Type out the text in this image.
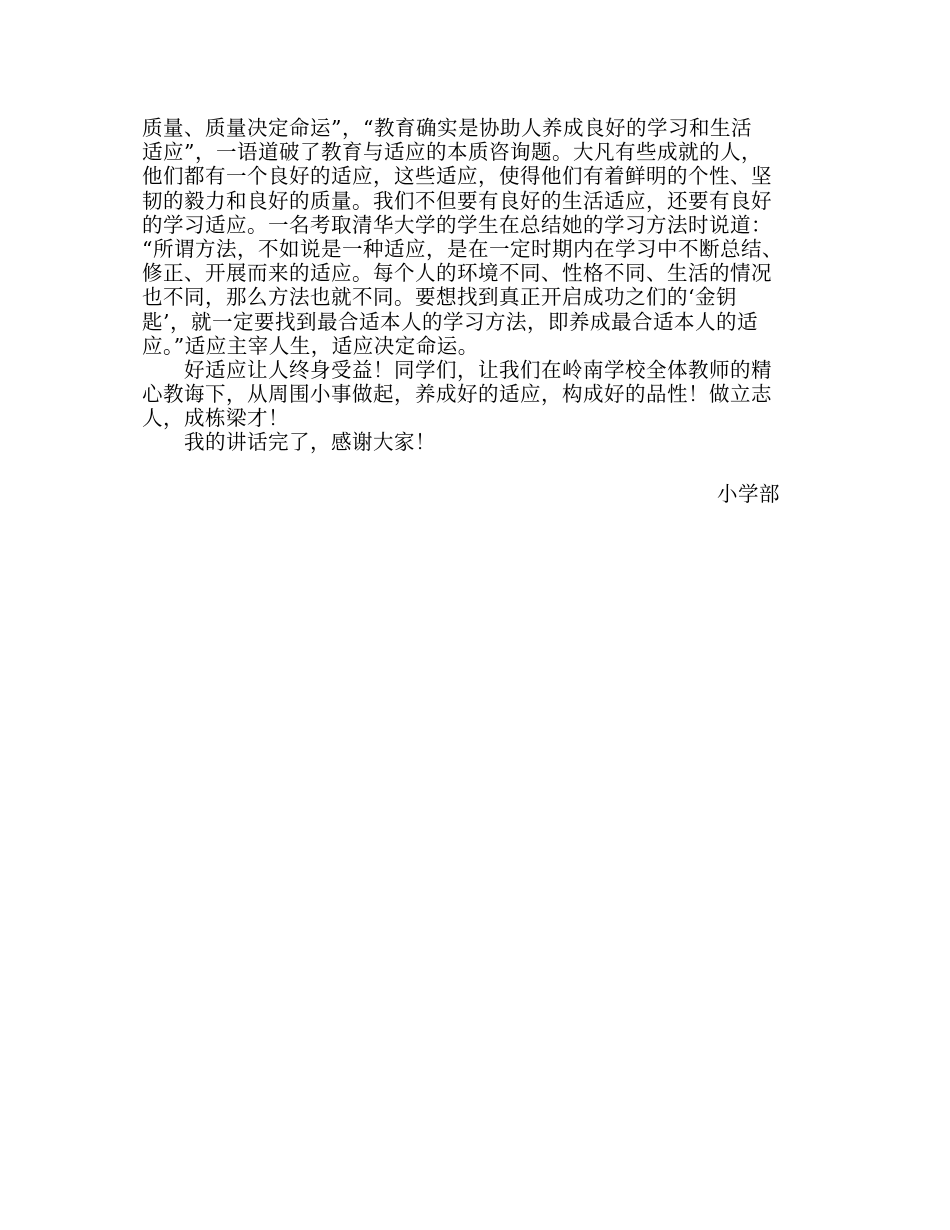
质量、质量决定命运”，“教育确实是协助人养成良好的学习和生活
适应”，一语道破了教育与适应的本质咨询题。大凡有些成就的人，
他们都有一个良好的适应，这些适应，使得他们有着鲜明的个性、坚
韧的毅力和良好的质量。我们不但要有良好的生活适应，还要有良好
的学习适应。一名考取清华大学的学生在总结她的学习方法时说道：
“所谓方法，不如说是一种适应，是在一定时期内在学习中不断总结、
修正、开展而来的适应。每个人的环境不同、性格不同、生活的情况
也不同，那么方法也就不同。要想找到真正开启成功之们的‘金钥
匙’，就一定要找到最合适本人的学习方法，即养成最合适本人的适
应。”适应主宰人生，适应决定命运。
　　好适应让人终身受益！同学们，让我们在岭南学校全体教师的精
心教诲下，从周围小事做起，养成好的适应，构成好的品性！做立志
人，成栋梁才！
　　我的讲话完了，感谢大家！
小学部
